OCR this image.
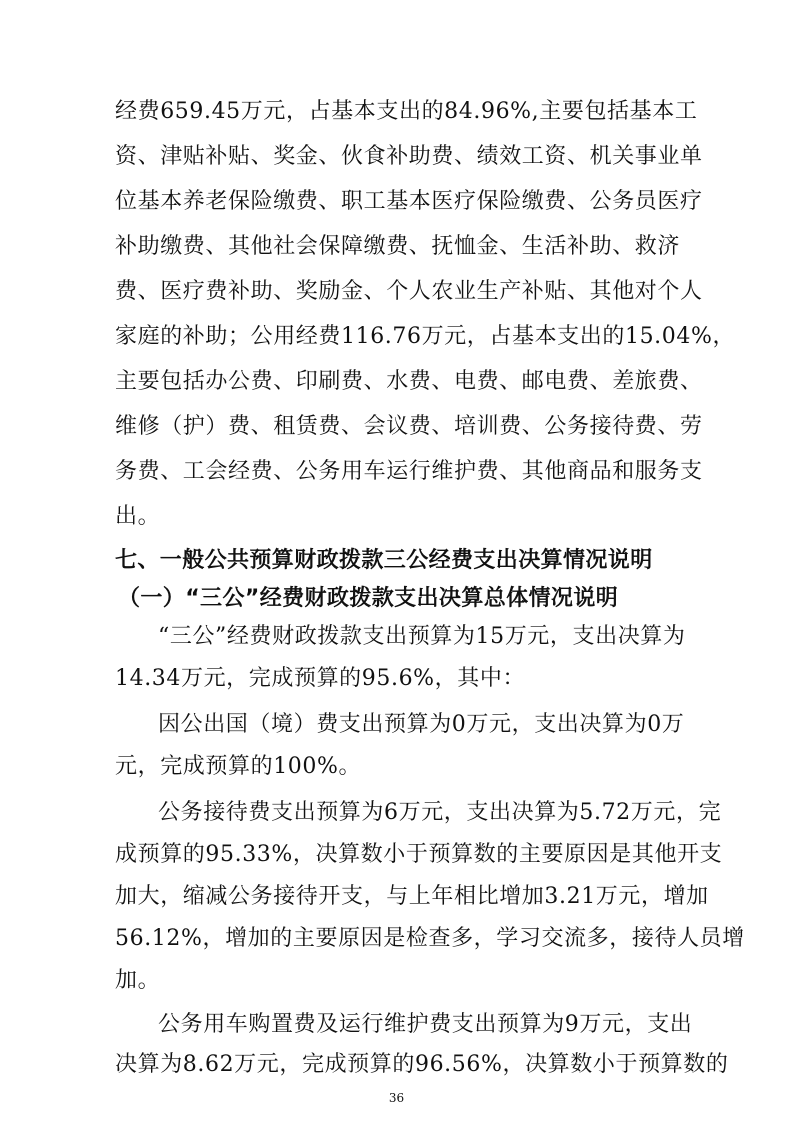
经费659.45万元，占基本支出的84.96%,主要包括基本工

资、津贴补贴、奖金、伙食补助费、绩效工资、机关事业单

位基本养老保险缴费、职工基本医疗保险缴费、公务员医疗

补助缴费、其他社会保障缴费、抚恤金、生活补助、救济

费、医疗费补助、奖励金、个人农业生产补贴、其他对个人

家庭的补助；公用经费116.76万元，占基本支出的15.04%，

主要包括办公费、印刷费、水费、电费、邮电费、差旅费、

维修（护）费、租赁费、会议费、培训费、公务接待费、劳

务费、工会经费、公务用车运行维护费、其他商品和服务支

出。

七、一般公共预算财政拨款三公经费支出决算情况说明
（一）“三公”经费财政拨款支出决算总体情况说明

“三公”经费财政拨款支出预算为15万元，支出决算为

14.34万元，完成预算的95.6%，其中：

因公出国（境）费支出预算为0万元，支出决算为0万

元，完成预算的100%。

公务接待费支出预算为6万元，支出决算为5.72万元，完

成预算的95.33%，决算数小于预算数的主要原因是其他开支

加大，缩减公务接待开支，与上年相比增加3.21万元，增加

56.12%，增加的主要原因是检查多，学习交流多，接待人员增

加。

公务用车购置费及运行维护费支出预算为9万元，支出

决算为8.62万元，完成预算的96.56%，决算数小于预算数的

36
